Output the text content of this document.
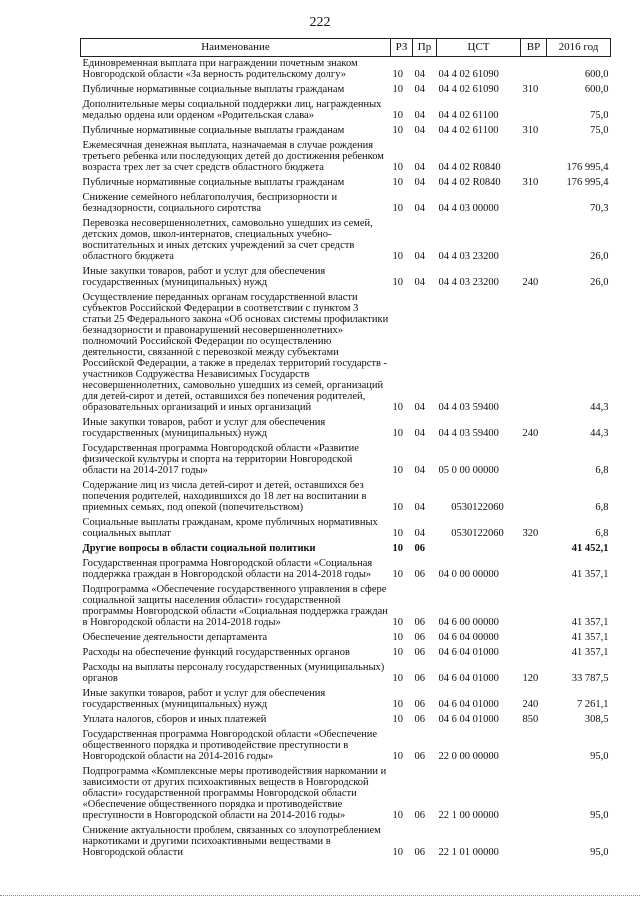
222
Наименование	РЗ	Пр	ЦСТ	ВР	2016 год
Единовременная выплата при награждении почетным знаком Новгородской области «За верность родительскому долгу»	10	04	04 4 02 61090		600,0
Публичные нормативные социальные выплаты гражданам	10	04	04 4 02 61090	310	600,0
Дополнительные меры социальной поддержки лиц, награжденных медалью ордена или орденом «Родительская слава»	10	04	04 4 02 61100		75,0
Публичные нормативные социальные выплаты гражданам	10	04	04 4 02 61100	310	75,0
Ежемесячная денежная выплата, назначаемая в случае рождения третьего ребенка или последующих детей до достижения ребенком возраста трех лет за счет средств областного бюджета	10	04	04 4 02 R0840		176 995,4
Публичные нормативные социальные выплаты гражданам	10	04	04 4 02 R0840	310	176 995,4
Снижение семейного неблагополучия, беспризорности и безнадзорности, социального сиротства	10	04	04 4 03 00000		70,3
Перевозка несовершеннолетних, самовольно ушедших из семей, детских домов, школ-интернатов, специальных учебно-воспитательных и иных детских учреждений за счет средств областного бюджета	10	04	04 4 03 23200		26,0
Иные закупки товаров, работ и услуг для обеспечения государственных (муниципальных) нужд	10	04	04 4 03 23200	240	26,0
Осуществление переданных органам государственной власти субъектов Российской Федерации в соответствии с пунктом 3 статьи 25 Федерального закона «Об основах системы профилактики безнадзорности и правонарушений несовершеннолетних» полномочий Российской Федерации по осуществлению деятельности, связанной с перевозкой между субъектами Российской Федерации, а также в пределах территорий государств - участников Содружества Независимых Государств несовершеннолетних, самовольно ушедших из семей, организаций для детей-сирот и детей, оставшихся без попечения родителей, образовательных организаций и иных организаций	10	04	04 4 03 59400		44,3
Иные закупки товаров, работ и услуг для обеспечения государственных (муниципальных) нужд	10	04	04 4 03 59400	240	44,3
Государственная программа Новгородской области «Развитие физической культуры и спорта на территории Новгородской области на 2014-2017 годы»	10	04	05 0 00 00000		6,8
Содержание лиц из числа детей-сирот и детей, оставшихся без попечения родителей, находившихся до 18 лет на воспитании в приемных семьях, под опекой (попечительством)	10	04	0530122060		6,8
Социальные выплаты гражданам, кроме публичных нормативных социальных выплат	10	04	0530122060	320	6,8
Другие вопросы в области социальной политики	10	06			41 452,1
Государственная программа Новгородской области «Социальная поддержка граждан в Новгородской области на 2014-2018 годы»	10	06	04 0 00 00000		41 357,1
Подпрограмма «Обеспечение государственного управления в сфере социальной защиты населения области» государственной программы Новгородской области «Социальная поддержка граждан в Новгородской области на 2014-2018 годы»	10	06	04 6 00 00000		41 357,1
Обеспечение деятельности департамента	10	06	04 6 04 00000		41 357,1
Расходы на обеспечение функций государственных органов	10	06	04 6 04 01000		41 357,1
Расходы на выплаты персоналу государственных (муниципальных) органов	10	06	04 6 04 01000	120	33 787,5
Иные закупки товаров, работ и услуг для обеспечения государственных (муниципальных) нужд	10	06	04 6 04 01000	240	7 261,1
Уплата налогов, сборов и иных платежей	10	06	04 6 04 01000	850	308,5
Государственная программа Новгородской области «Обеспечение общественного порядка и противодействие преступности в Новгородской области на 2014-2016 годы»	10	06	22 0 00 00000		95,0
Подпрограмма «Комплексные меры противодействия наркомании и зависимости от других психоактивных веществ в Новгородской области» государственной программы Новгородской области «Обеспечение общественного порядка и противодействие преступности в Новгородской области на 2014-2016 годы»	10	06	22 1 00 00000		95,0
Снижение актуальности проблем, связанных со злоупотреблением наркотиками и другими психоактивными веществами в Новгородской области	10	06	22 1 01 00000		95,0
